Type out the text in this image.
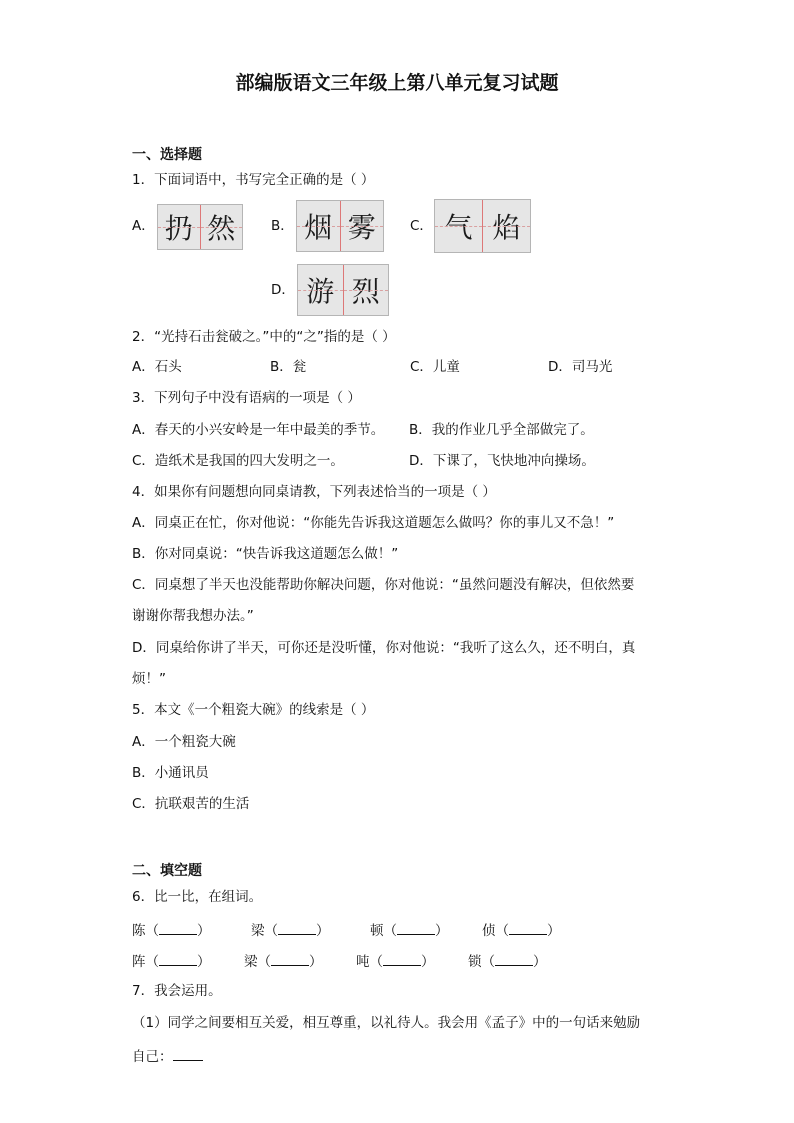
部编版语文三年级上第八单元复习试题
一、选择题
1．下面词语中，书写完全正确的是（ ）
A． 扔 然	B． 烟 雾	C． 气 焰
D． 游 烈
2．“光持石击瓮破之。”中的“之”指的是（ ）
A．石头	B．瓮	C．儿童	D．司马光
3．下列句子中没有语病的一项是（ ）
A．春天的小兴安岭是一年中最美的季节。 B．我的作业几乎全部做完了。
C．造纸术是我国的四大发明之一。	D．下课了，飞快地冲向操场。
4．如果你有问题想向同桌请教，下列表述恰当的一项是（ ）
A．同桌正在忙，你对他说：“你能先告诉我这道题怎么做吗？你的事儿又不急！”
B．你对同桌说：“快告诉我这道题怎么做！”
C．同桌想了半天也没能帮助你解决问题，你对他说：“虽然问题没有解决，但依然要
谢谢你帮我想办法。”
D．同桌给你讲了半天，可你还是没听懂，你对他说：“我听了这么久，还不明白，真
烦！”
5．本文《一个粗瓷大碗》的线索是（ ）
A．一个粗瓷大碗
B．小通讯员
C．抗联艰苦的生活
二、填空题
6．比一比，在组词。
陈（	）	梁（	）	顿（	） 侦（	）
阵（	） 梁（	） 吨（	） 锁（	）
7．我会运用。
（1）同学之间要相互关爱，相互尊重，以礼待人。我会用《孟子》中的一句话来勉励
自己：
